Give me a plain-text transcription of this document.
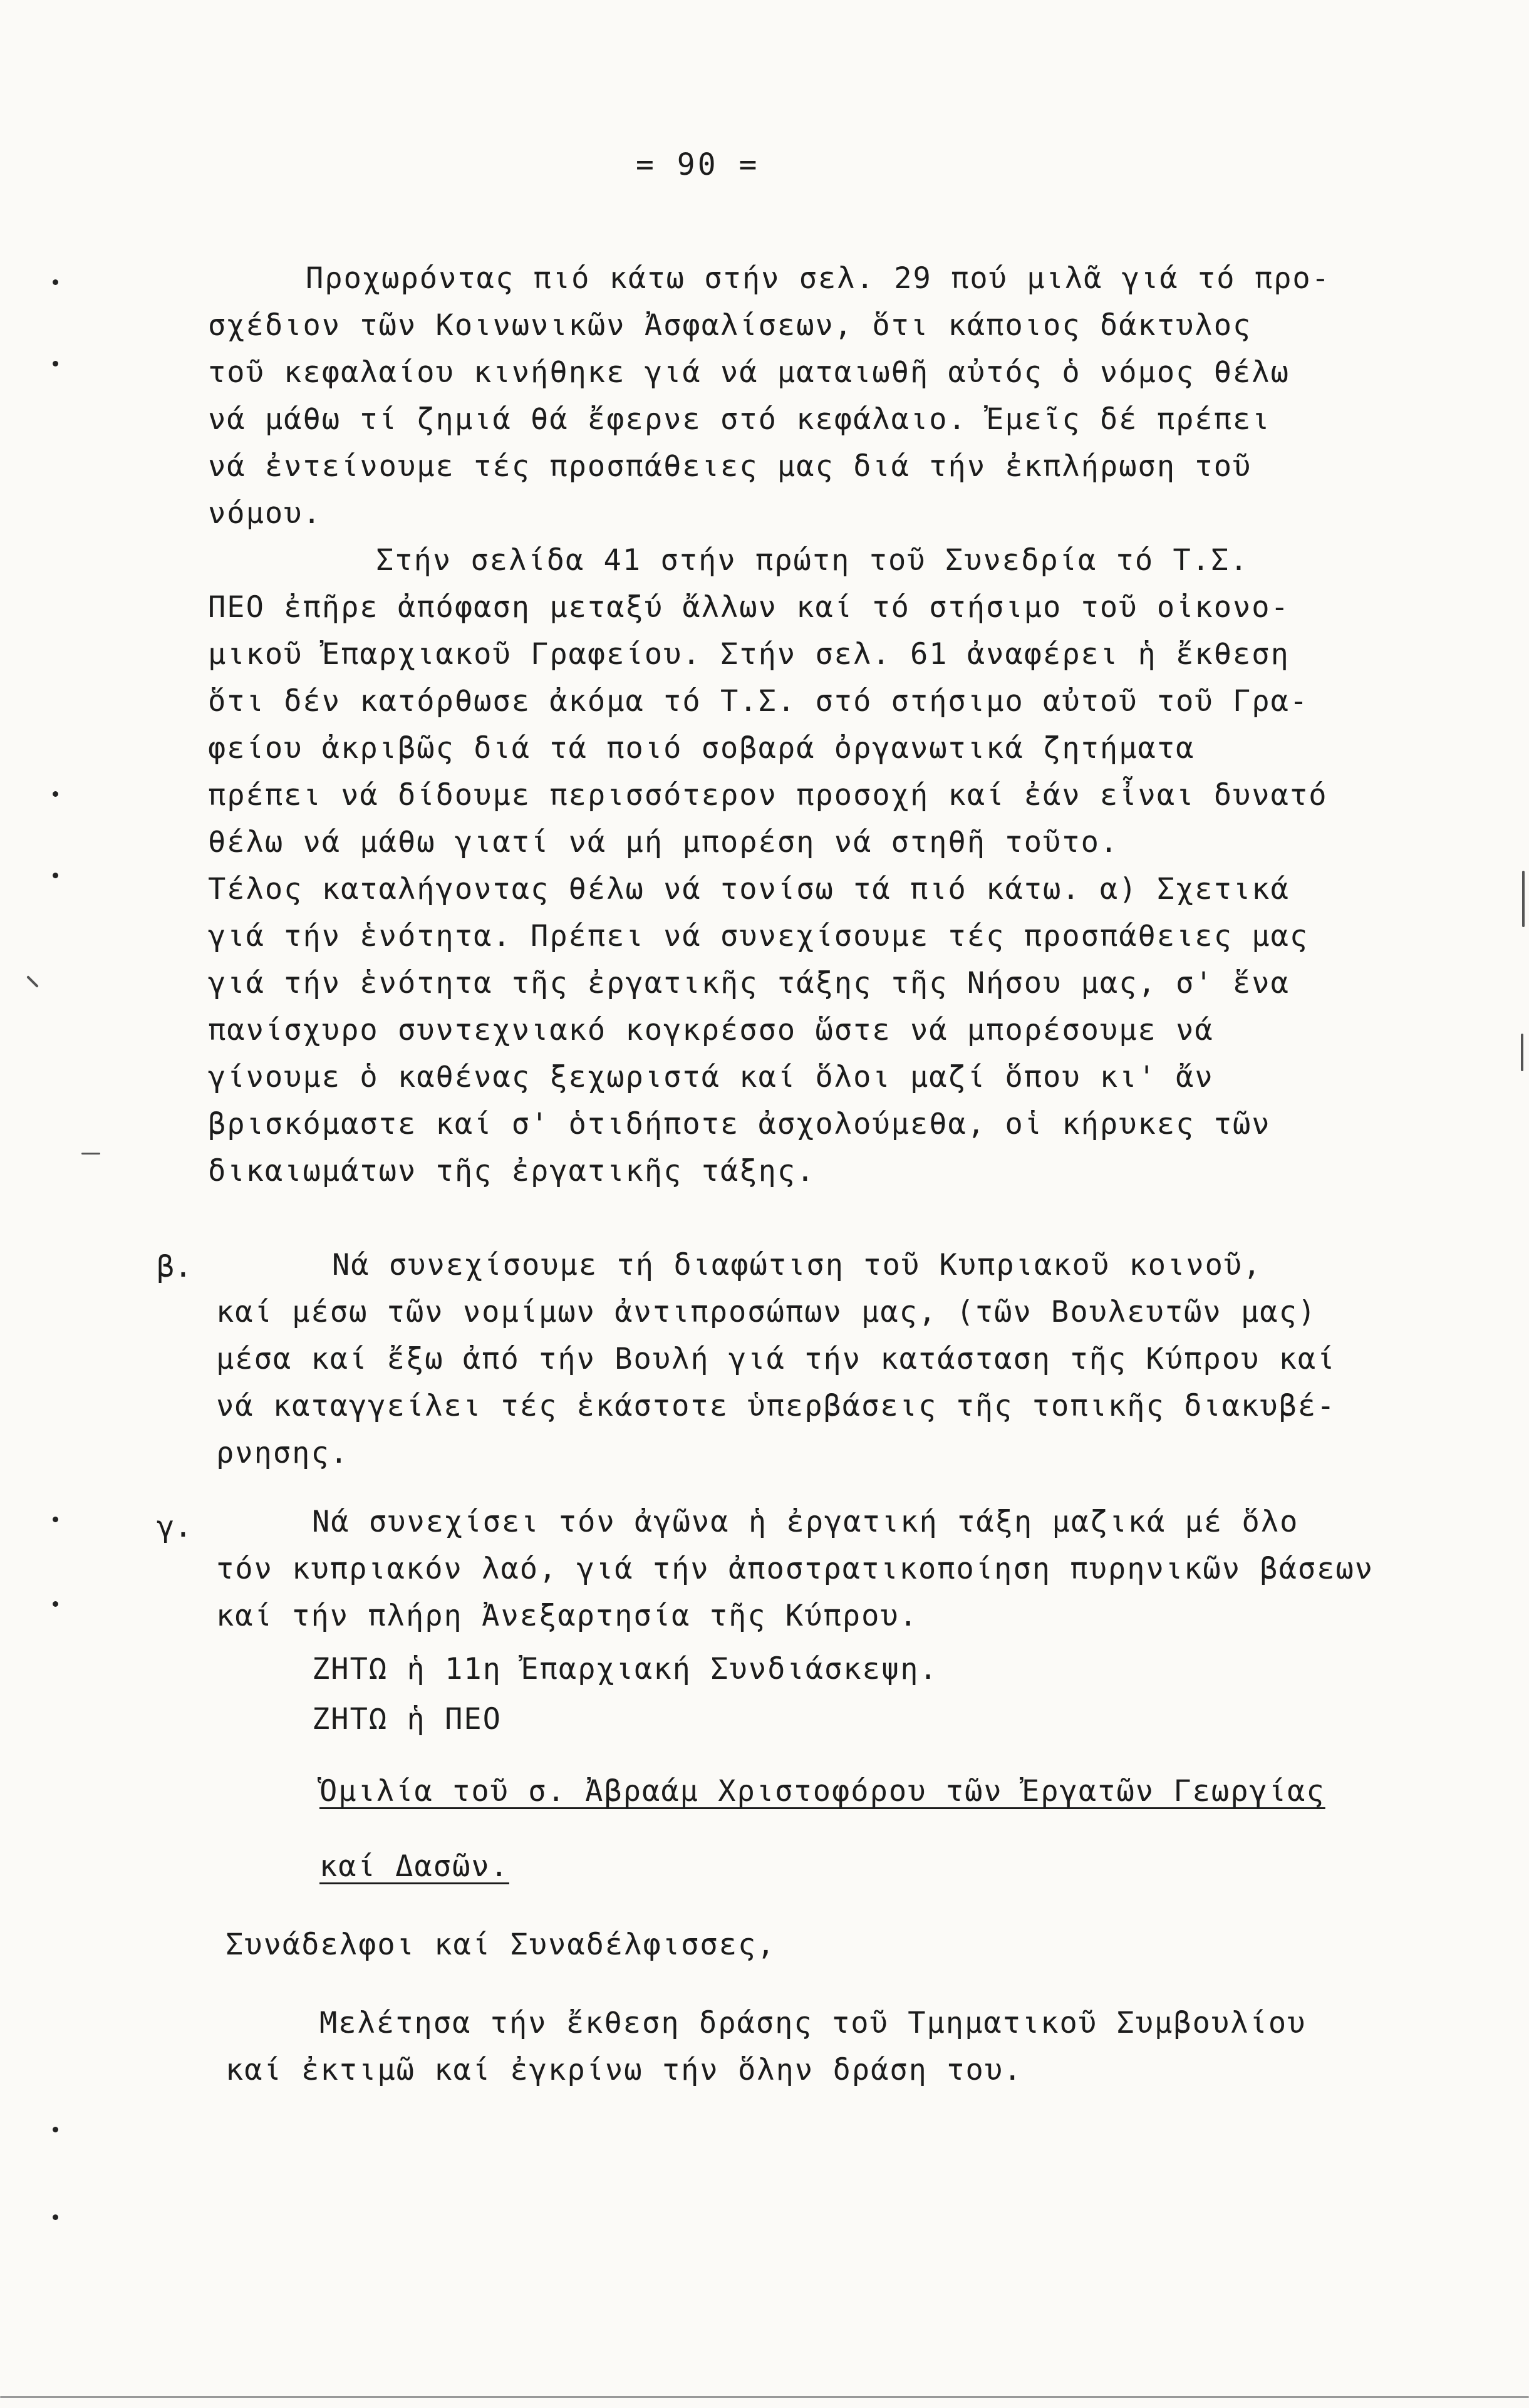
= 90 =
Προχωρόντας πιό κάτω στήν σελ. 29 πού μιλᾶ γιά τό προ-
σχέδιον τῶν Κοινωνικῶν Ἀσφαλίσεων, ὅτι κάποιος δάκτυλος
τοῦ κεφαλαίου κινήθηκε γιά νά ματαιωθῆ αὐτός ὁ νόμος θέλω
νά μάθω τί ζημιά θά ἔφερνε στό κεφάλαιο. Ἐμεῖς δέ πρέπει
νά ἐντείνουμε τές προσπάθειες μας διά τήν ἐκπλήρωση τοῦ
νόμου.
Στήν σελίδα 41 στήν πρώτη τοῦ Συνεδρία τό Τ.Σ.
ΠΕΟ ἐπῆρε ἀπόφαση μεταξύ ἄλλων καί τό στήσιμο τοῦ οἰκονο-
μικοῦ Ἐπαρχιακοῦ Γραφείου. Στήν σελ. 61 ἀναφέρει ἡ ἔκθεση
ὅτι δέν κατόρθωσε ἀκόμα τό Τ.Σ. στό στήσιμο αὐτοῦ τοῦ Γρα-
φείου ἀκριβῶς διά τά ποιό σοβαρά ὀργανωτικά ζητήματα
πρέπει νά δίδουμε περισσότερον προσοχή καί ἐάν εἶναι δυνατό
θέλω νά μάθω γιατί νά μή μπορέση νά στηθῆ τοῦτο.
Τέλος καταλήγοντας θέλω νά τονίσω τά πιό κάτω. α) Σχετικά
γιά τήν ἑνότητα. Πρέπει νά συνεχίσουμε τές προσπάθειες μας
γιά τήν ἑνότητα τῆς ἐργατικῆς τάξης τῆς Νήσου μας, σ' ἕνα
πανίσχυρο συντεχνιακό κογκρέσσο ὥστε νά μπορέσουμε νά
γίνουμε ὁ καθένας ξεχωριστά καί ὅλοι μαζί ὅπου κι' ἄν
βρισκόμαστε καί σ' ὁτιδήποτε ἀσχολούμεθα, οἱ κήρυκες τῶν
δικαιωμάτων τῆς ἐργατικῆς τάξης.
β.	Νά συνεχίσουμε τή διαφώτιση τοῦ Κυπριακοῦ κοινοῦ,
καί μέσω τῶν νομίμων ἀντιπροσώπων μας, (τῶν Βουλευτῶν μας)
μέσα καί ἔξω ἀπό τήν Βουλή γιά τήν κατάσταση τῆς Κύπρου καί
νά καταγγείλει τές ἑκάστοτε ὑπερβάσεις τῆς τοπικῆς διακυβέ-
ρνησης.
γ.	Νά συνεχίσει τόν ἀγῶνα ἡ ἐργατική τάξη μαζικά μέ ὅλο
τόν κυπριακόν λαό, γιά τήν ἀποστρατικοποίηση πυρηνικῶν βάσεων
καί τήν πλήρη Ἀνεξαρτησία τῆς Κύπρου.
ΖΗΤΩ ἡ 11η Ἐπαρχιακή Συνδιάσκεψη.
ΖΗΤΩ ἡ ΠΕΟ
Ὁμιλία τοῦ σ. Ἀβραάμ Χριστοφόρου τῶν Ἐργατῶν Γεωργίας
καί Δασῶν.
Συνάδελφοι καί Συναδέλφισσες,
Μελέτησα τήν ἔκθεση δράσης τοῦ Τμηματικοῦ Συμβουλίου
καί ἐκτιμῶ καί ἐγκρίνω τήν ὅλην δράση του.
